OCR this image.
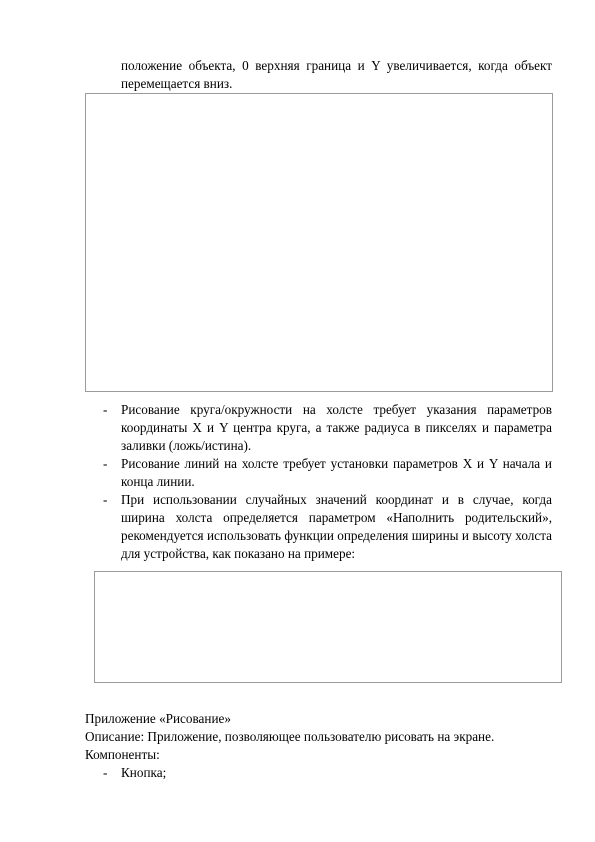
положение объекта, 0 верхняя граница и Y увеличивается, когда объект перемещается вниз.

- Рисование круга/окружности на холсте требует указания параметров координаты X и Y центра круга, а также радиуса в пикселях и параметра заливки (ложь/истина).
- Рисование линий на холсте требует установки параметров X и Y начала и конца линии.
- При использовании случайных значений координат и в случае, когда ширина холста определяется параметром «Наполнить родительский», рекомендуется использовать функции определения ширины и высоту холста для устройства, как показано на примере:
Приложение «Рисование»
Описание: Приложение, позволяющее пользователю рисовать на экране.
Компоненты:
- Кнопка;
